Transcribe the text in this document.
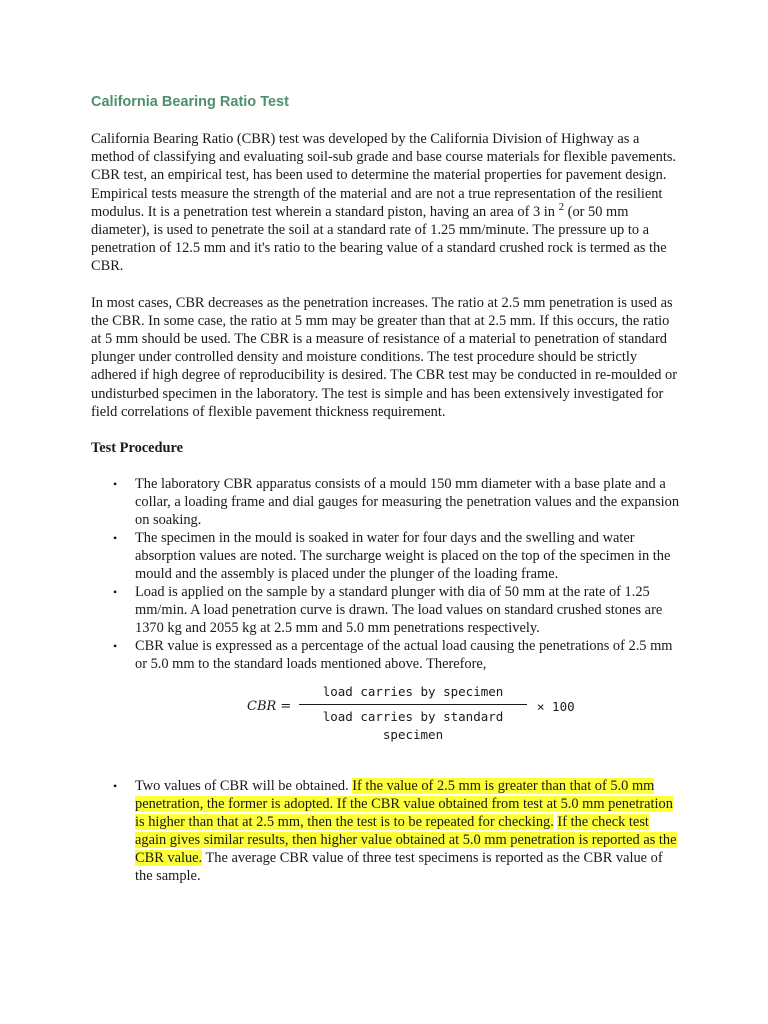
California Bearing Ratio Test

California Bearing Ratio (CBR) test was developed by the California Division of Highway as a method of classifying and evaluating soil-sub grade and base course materials for flexible pavements. CBR test, an empirical test, has been used to determine the material properties for pavement design. Empirical tests measure the strength of the material and are not a true representation of the resilient modulus. It is a penetration test wherein a standard piston, having an area of 3 in $^2$ (or 50 mm diameter), is used to penetrate the soil at a standard rate of 1.25 mm/minute. The pressure up to a penetration of 12.5 mm and it's ratio to the bearing value of a standard crushed rock is termed as the CBR.

In most cases, CBR decreases as the penetration increases. The ratio at 2.5 mm penetration is used as the CBR. In some case, the ratio at 5 mm may be greater than that at 2.5 mm. If this occurs, the ratio at 5 mm should be used. The CBR is a measure of resistance of a material to penetration of standard plunger under controlled density and moisture conditions. The test procedure should be strictly adhered if high degree of reproducibility is desired. The CBR test may be conducted in re-moulded or undisturbed specimen in the laboratory. The test is simple and has been extensively investigated for field correlations of flexible pavement thickness requirement.

Test Procedure
• The laboratory CBR apparatus consists of a mould 150 mm diameter with a base plate and a collar, a loading frame and dial gauges for measuring the penetration values and the expansion on soaking.
• The specimen in the mould is soaked in water for four days and the swelling and water absorption values are noted. The surcharge weight is placed on the top of the specimen in the mould and the assembly is placed under the plunger of the loading frame.
• Load is applied on the sample by a standard plunger with dia of 50 mm at the rate of 1.25 mm/min. A load penetration curve is drawn. The load values on standard crushed stones are 1370 kg and 2055 kg at 2.5 mm and 5.0 mm penetrations respectively.
• CBR value is expressed as a percentage of the actual load causing the penetrations of 2.5 mm or 5.0 mm to the standard loads mentioned above. Therefore,
CBR =
load carries by specimen
load carries by standard specimen
× 100
• Two values of CBR will be obtained. If the value of 2.5 mm is greater than that of 5.0 mm penetration, the former is adopted. If the CBR value obtained from test at 5.0 mm penetration is higher than that at 2.5 mm, then the test is to be repeated for checking. If the check test again gives similar results, then higher value obtained at 5.0 mm penetration is reported as the CBR value. The average CBR value of three test specimens is reported as the CBR value of the sample.
